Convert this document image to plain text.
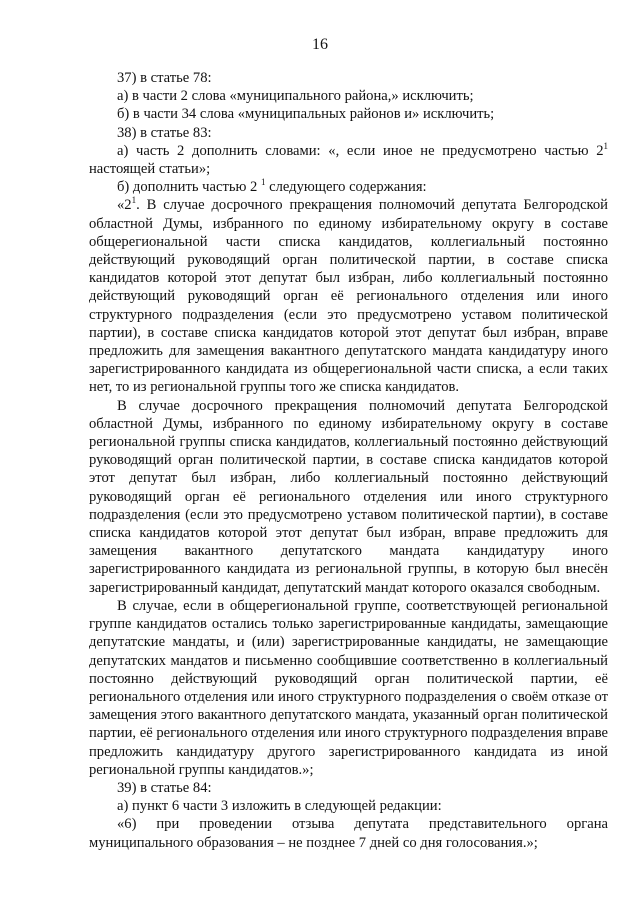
16

37) в статье 78:

а) в части 2 слова «муниципального района,» исключить;

б) в части 34 слова «муниципальных районов и» исключить;

38) в статье 83:

а) часть 2 дополнить словами: «, если иное не предусмотрено частью $2^1$ настоящей статьи»;

б) дополнить частью 2 $^1$ следующего содержания:

«$2^1$. В случае досрочного прекращения полномочий депутата Белгородской областной Думы, избранного по единому избирательному округу в составе общерегиональной части списка кандидатов, коллегиальный постоянно действующий руководящий орган политической партии, в составе списка кандидатов которой этот депутат был избран, либо коллегиальный постоянно действующий руководящий орган её регионального отделения или иного структурного подразделения (если это предусмотрено уставом политической партии), в составе списка кандидатов которой этот депутат был избран, вправе предложить для замещения вакантного депутатского мандата кандидатуру иного зарегистрированного кандидата из общерегиональной части списка, а если таких нет, то из региональной группы того же списка кандидатов.

В случае досрочного прекращения полномочий депутата Белгородской областной Думы, избранного по единому избирательному округу в составе региональной группы списка кандидатов, коллегиальный постоянно действующий руководящий орган политической партии, в составе списка кандидатов которой этот депутат был избран, либо коллегиальный постоянно действующий руководящий орган её регионального отделения или иного структурного подразделения (если это предусмотрено уставом политической партии), в составе списка кандидатов которой этот депутат был избран, вправе предложить для замещения вакантного депутатского мандата кандидатуру иного зарегистрированного кандидата из региональной группы, в которую был внесён зарегистрированный кандидат, депутатский мандат которого оказался свободным.

В случае, если в общерегиональной группе, соответствующей региональной группе кандидатов остались только зарегистрированные кандидаты, замещающие депутатские мандаты, и (или) зарегистрированные кандидаты, не замещающие депутатских мандатов и письменно сообщившие соответственно в коллегиальный постоянно действующий руководящий орган политической партии, её регионального отделения или иного структурного подразделения о своём отказе от замещения этого вакантного депутатского мандата, указанный орган политической партии, её регионального отделения или иного структурного подразделения вправе предложить кандидатуру другого зарегистрированного кандидата из иной региональной группы кандидатов.»;

39) в статье 84:

а) пункт 6 части 3 изложить в следующей редакции:

«6) при проведении отзыва депутата представительного органа муниципального образования – не позднее 7 дней со дня голосования.»;
